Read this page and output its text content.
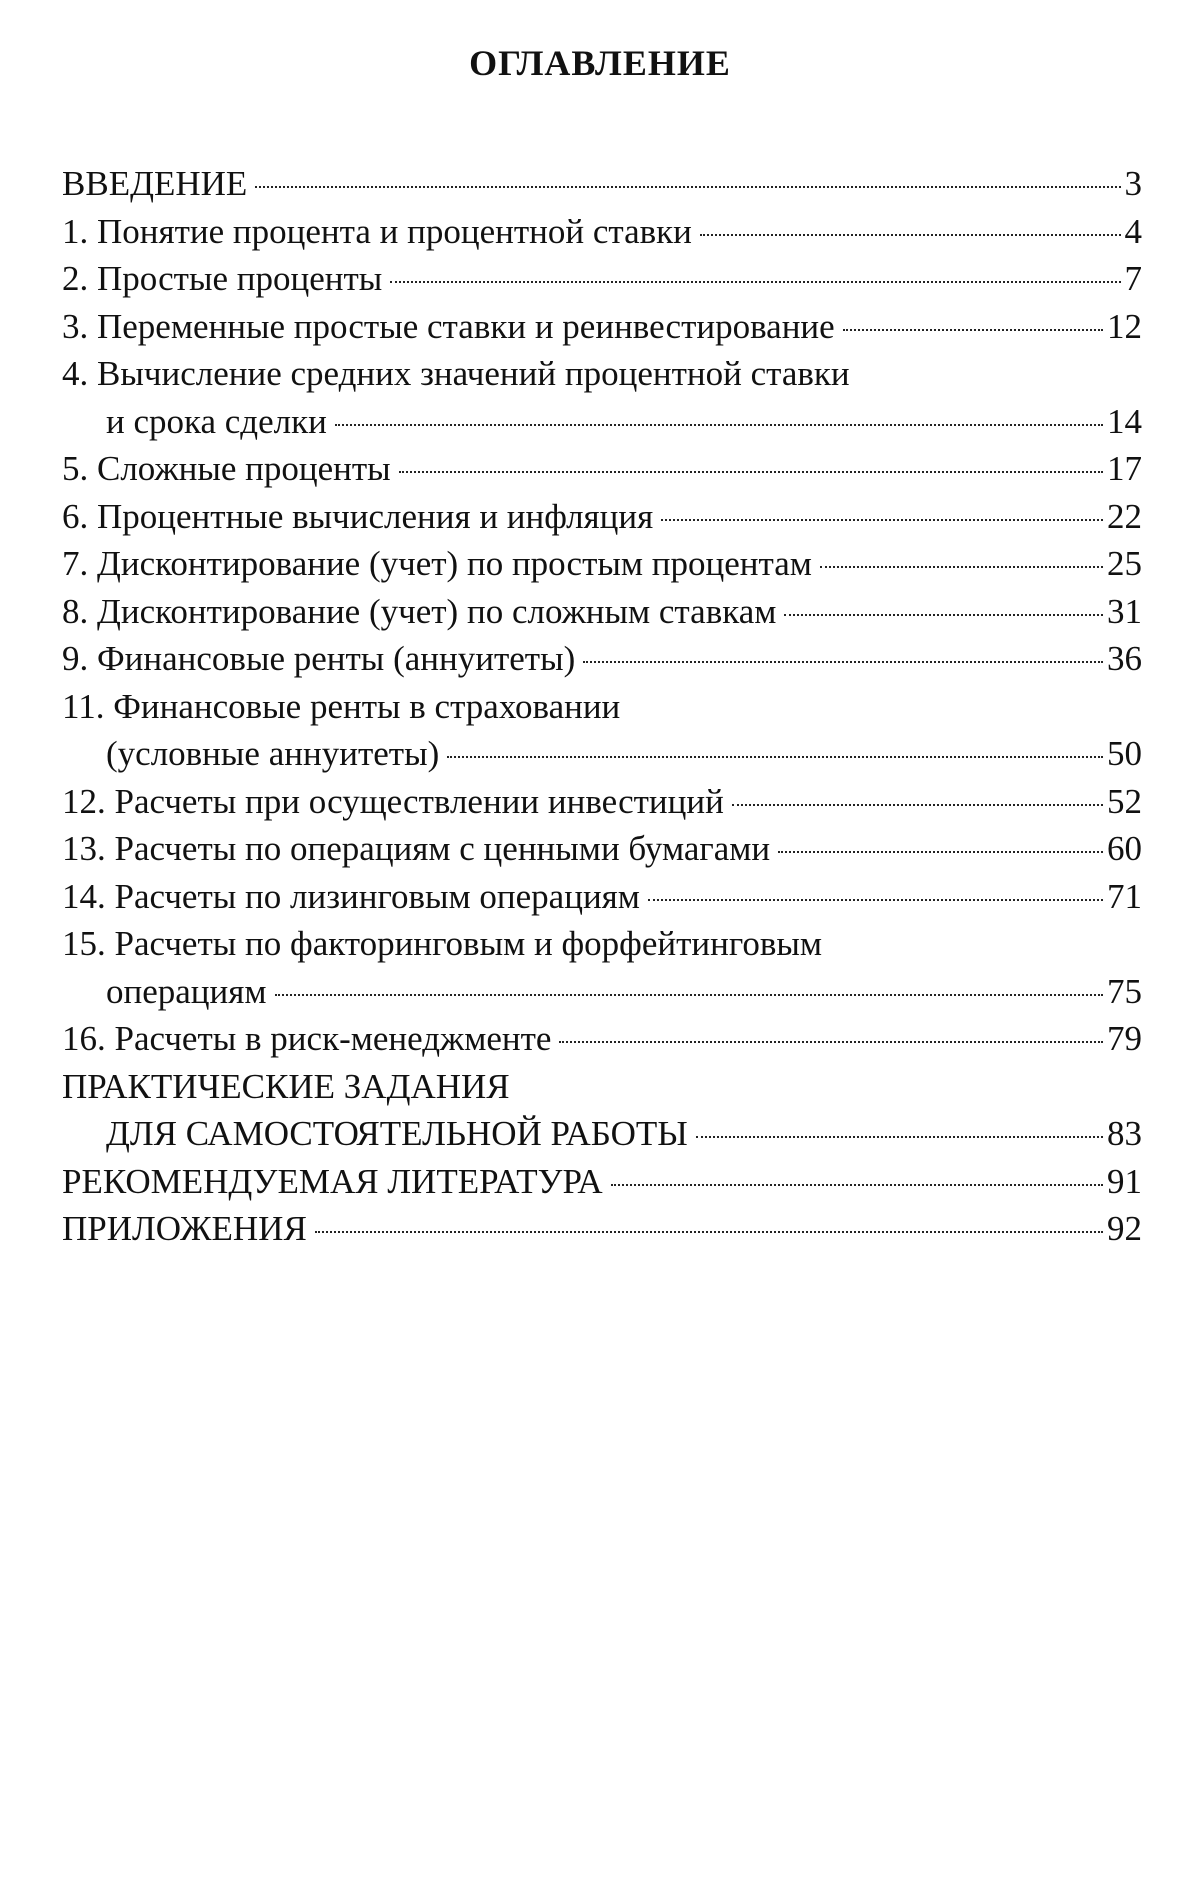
ОГЛАВЛЕНИЕ
ВВЕДЕНИЕ	3
1. Понятие процента и процентной ставки	4
2. Простые проценты	7
3. Переменные простые ставки и реинвестирование	12
4. Вычисление средних значений процентной ставки
и срока сделки	14
5. Сложные проценты	17
6. Процентные вычисления и инфляция	22
7. Дисконтирование (учет) по простым процентам	25
8. Дисконтирование (учет) по сложным ставкам	31
9. Финансовые ренты (аннуитеты)	36
11. Финансовые ренты в страховании
(условные аннуитеты)	50
12. Расчеты при осуществлении инвестиций	52
13. Расчеты по операциям с ценными бумагами	60
14. Расчеты по лизинговым операциям	71
15. Расчеты по факторинговым и форфейтинговым
операциям	75
16. Расчеты в риск-менеджменте	79
ПРАКТИЧЕСКИЕ ЗАДАНИЯ
ДЛЯ САМОСТОЯТЕЛЬНОЙ РАБОТЫ	83
РЕКОМЕНДУЕМАЯ ЛИТЕРАТУРА	91
ПРИЛОЖЕНИЯ	92
